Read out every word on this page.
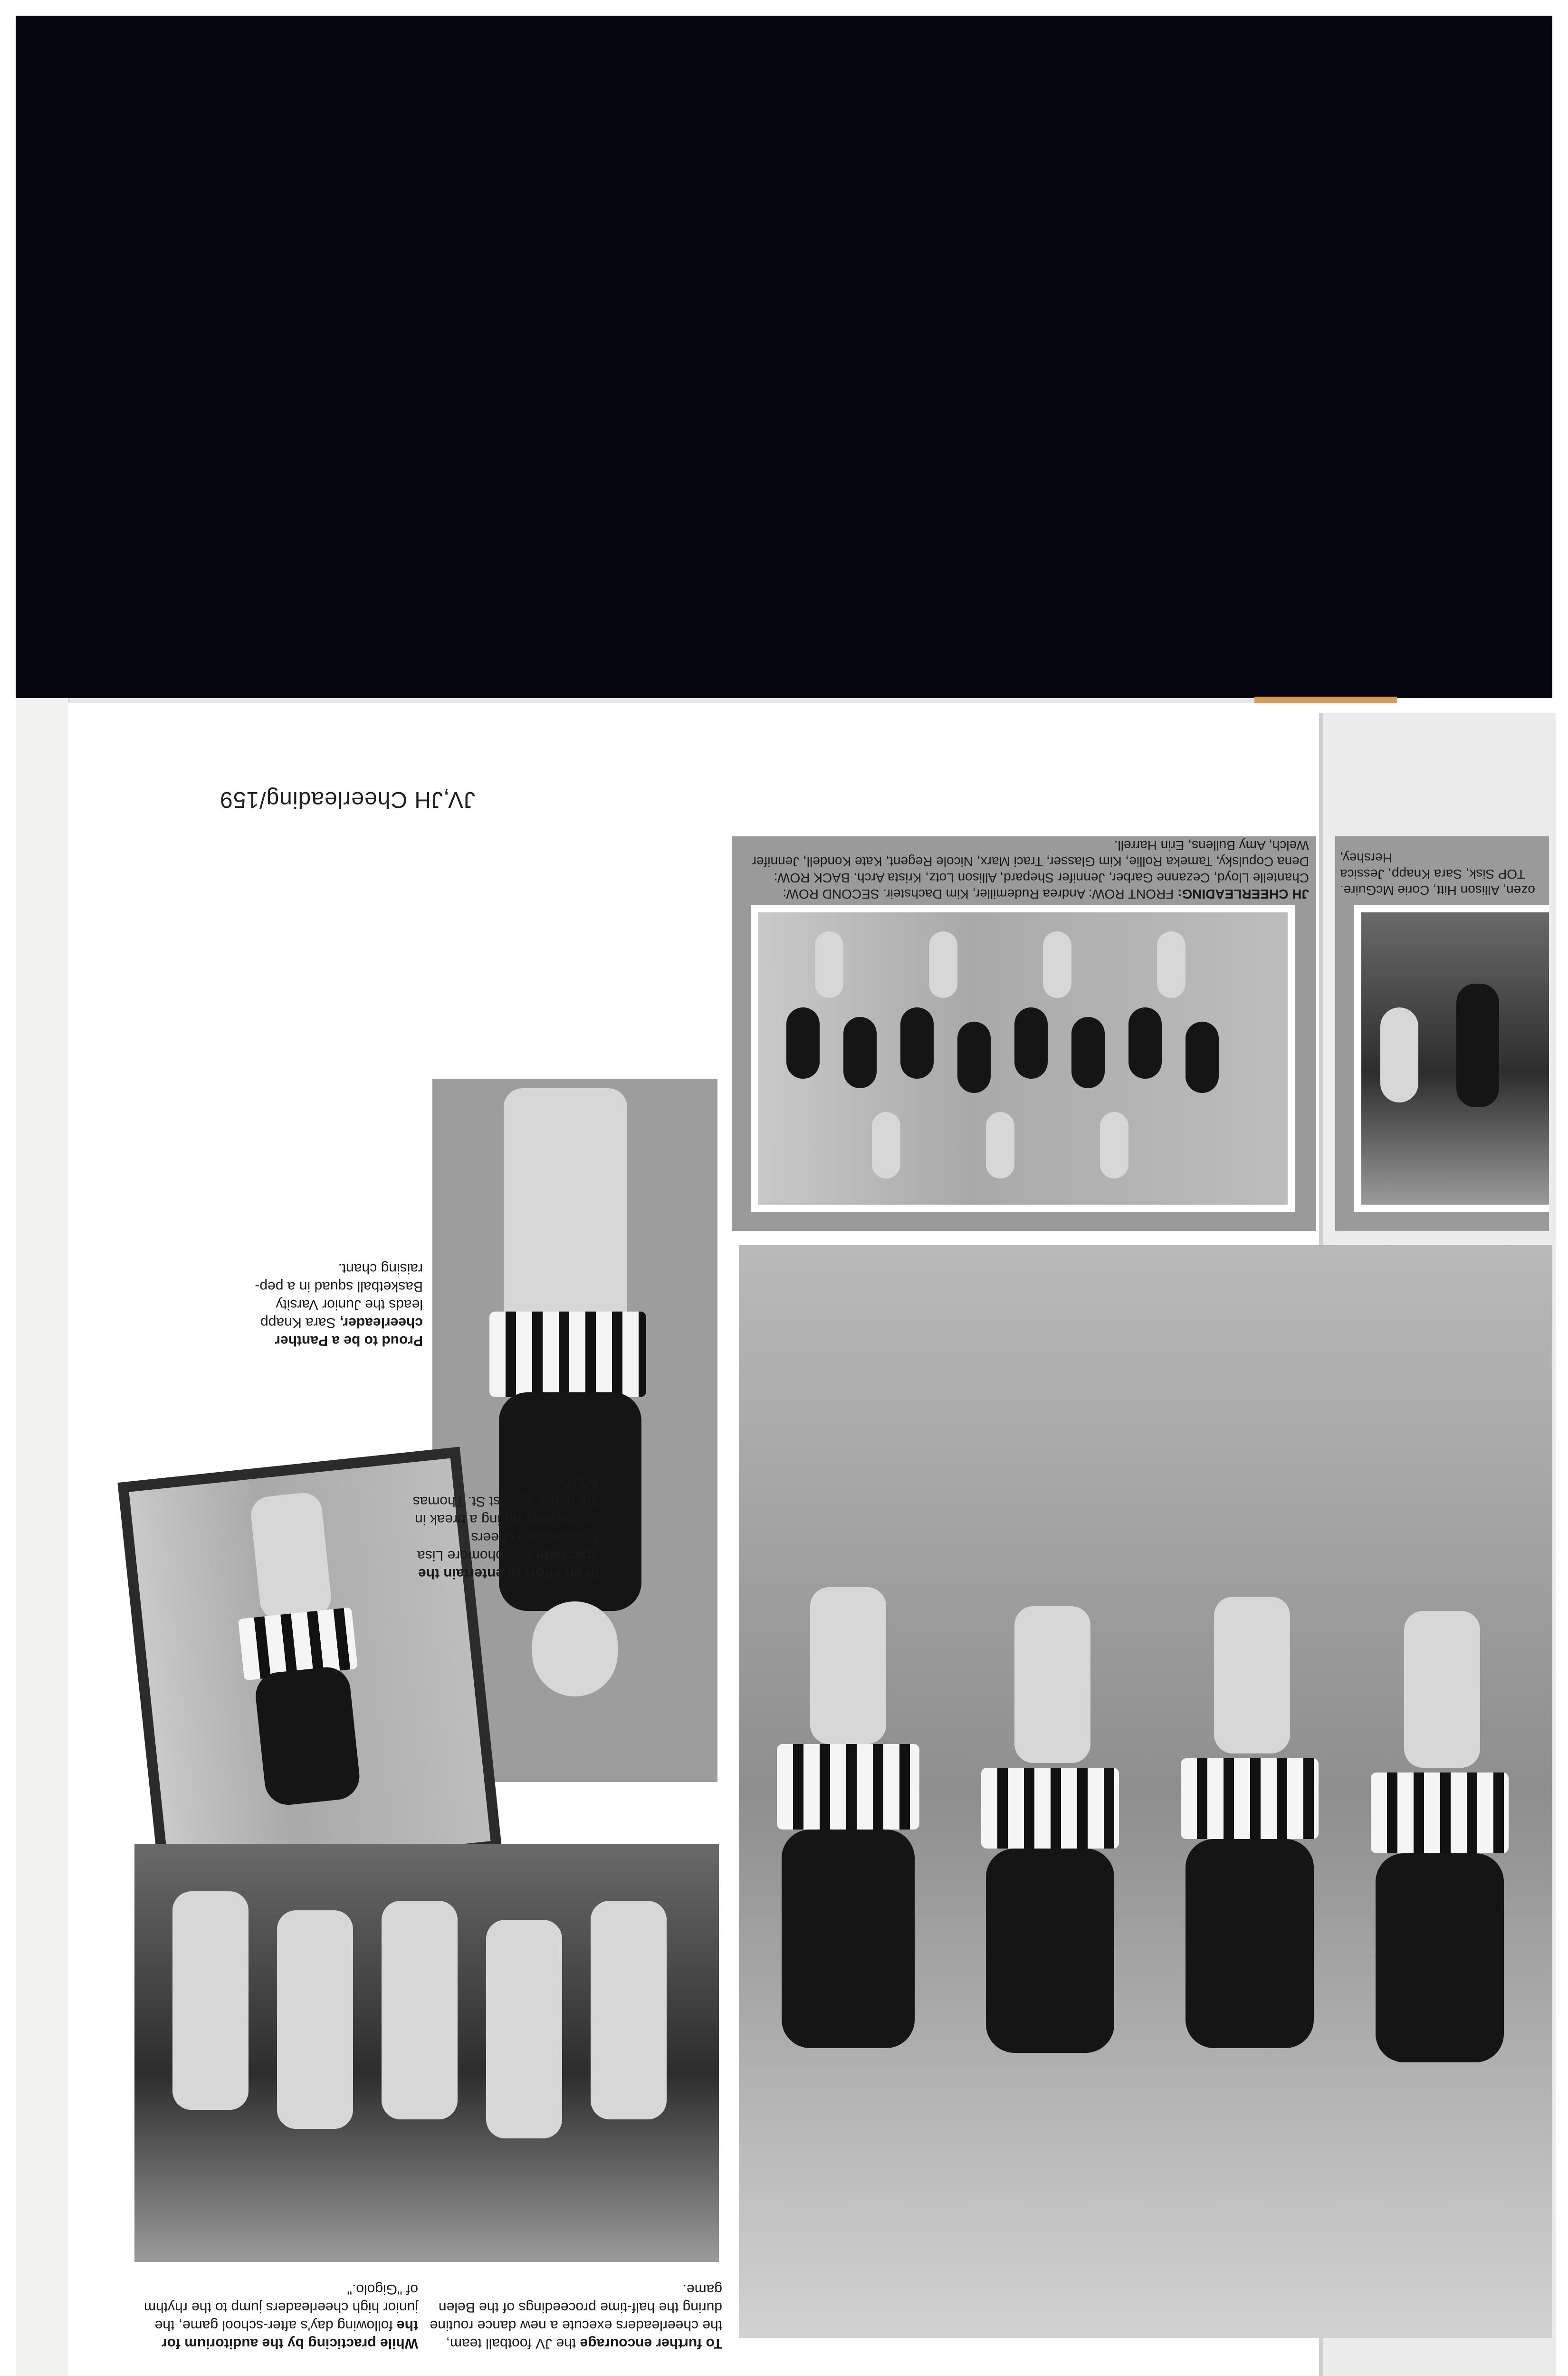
JV,JH Cheerleading/159
JH CHEERLEADING: FRONT ROW: Andrea Rudemiller, Kim Dachsteir. SECOND ROW: Chantelle Lloyd, Cezanne Garber, Jennifer Shepard, Allison Lotz, Krista Arch. BACK ROW: Dena Copulsky, Tameka Rollie, Kim Glasser, Traci Marx, Nicole Regent, Kate Kondell, Jennifer Welch, Amy Bullens, Erin Harrell.
ozen, Allison Hitt, Corie McGuire. TOP Sisk, Sara Knapp, Jessica Hershey,
In an effort to entertain the spectators, sophomore Lisa Cunningham cheers exuberantly during a break in the game against St. Thomas Aquinas.
Proud to be a Panther cheerleader, Sara Knapp leads the Junior Varsity Basketball squad in a pep-raising chant.
To further encourage the JV football team, the cheerleaders execute a new dance routine during the half-time proceedings of the Belen game.
While practicing by the auditorium for the following day's after-school game, the junior high cheerleaders jump to the rhythm of "Gigolo."
